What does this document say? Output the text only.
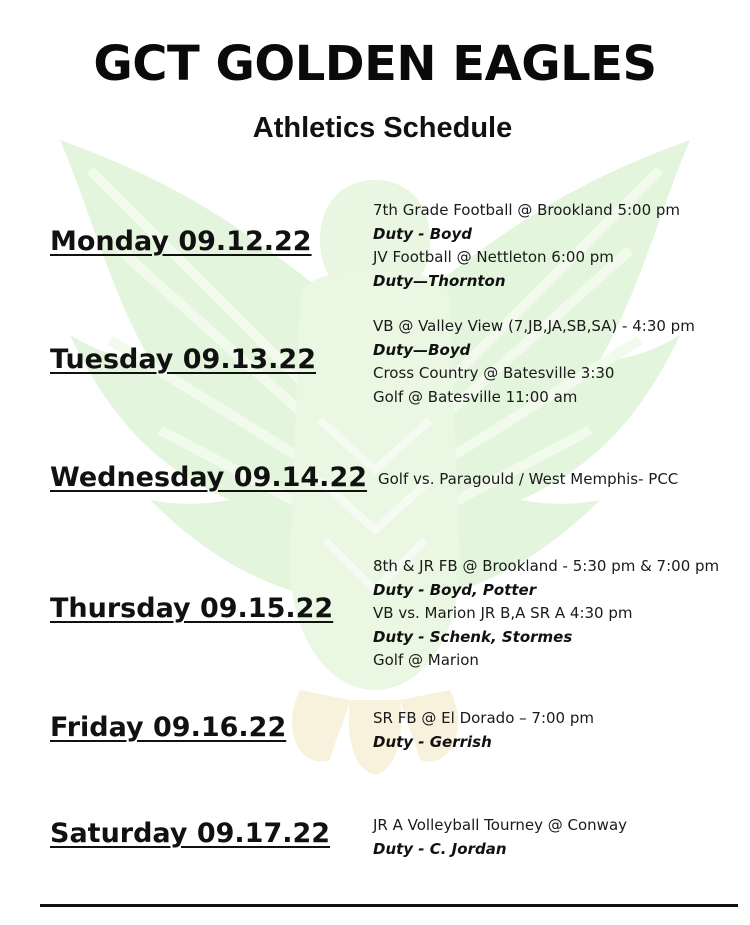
GCT GOLDEN EAGLES
Athletics Schedule
Monday 09.12.22
7th Grade Football @ Brookland 5:00 pm
Duty - Boyd
JV Football @ Nettleton 6:00 pm
Duty—Thornton
Tuesday 09.13.22
VB @ Valley View (7,JB,JA,SB,SA) - 4:30 pm
Duty—Boyd
Cross Country @ Batesville 3:30
Golf @ Batesville 11:00 am
Wednesday 09.14.22 Golf vs. Paragould / West Memphis- PCC
Thursday 09.15.22
8th & JR FB @ Brookland - 5:30 pm & 7:00 pm
Duty - Boyd, Potter
VB vs. Marion JR B,A SR A 4:30 pm
Duty - Schenk, Stormes
Golf @ Marion
Friday 09.16.22	SR FB @ El Dorado – 7:00 pm
Duty - Gerrish
Saturday 09.17.22	JR A Volleyball Tourney @ Conway
Duty - C. Jordan
